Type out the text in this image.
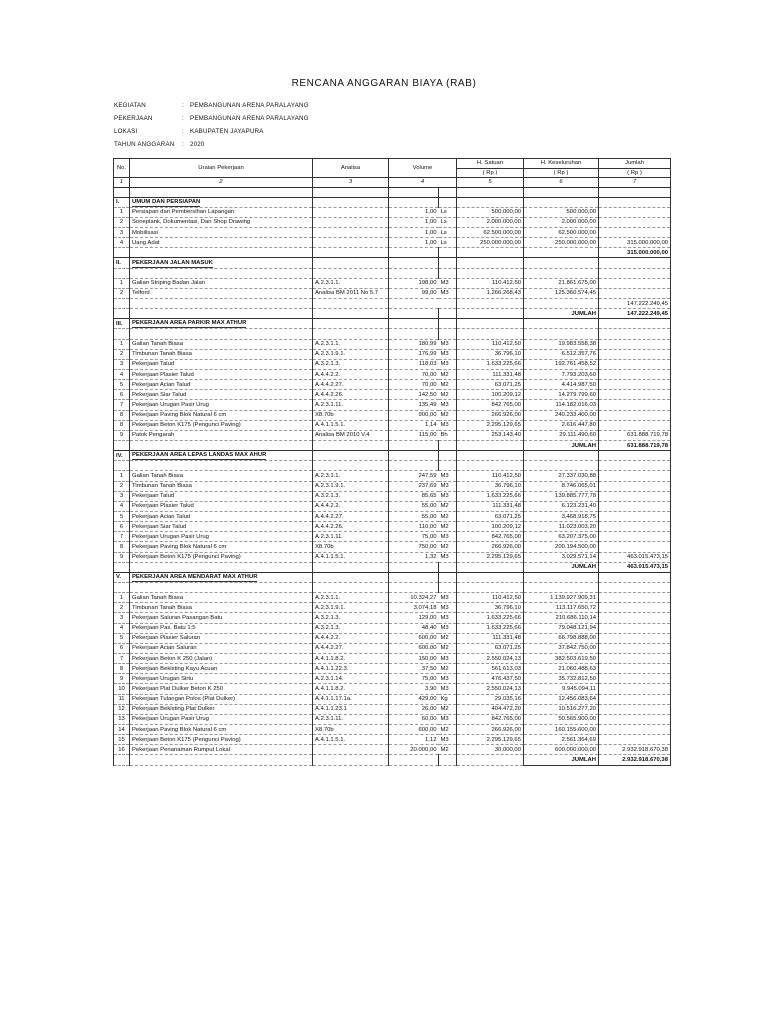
RENCANA ANGGARAN BIAYA (RAB)
KEGIATAN	: PEMBANGUNAN ARENA PARALAYANG
PEKERJAAN	: PEMBANGUNAN ARENA PARALAYANG
LOKASI	: KABUPATEN JAYAPURA
TAHUN ANGGARAN : 2020
No.	Uraian Pekerjaan	Analisa	Volume		H. Satuan	H. Keseluruhan	Jumlah
					( Rp )	( Rp )	( Rp )
1	2	3	4		5	6	7

I.	UMUM DAN PERSIAPAN						
1	Persiapan dan Pembersihan Lapangan		1,00	Ls	500.000,00	500.000,00	
2	Soneplank, Dokumentasi, Dan Shop Drawing		1,00	Ls	2.000.000,00	2.000.000,00	
3	Mobilisasi		1,00	Ls	62.500.000,00	62.500.000,00	
4	Uang Adat		1,00	Ls	250.000.000,00	250.000.000,00	315.000.000,00
							315.000.000,00
II.	PEKERJAAN JALAN MASUK						

1	Galian Striping Badan Jalan	A.2.3.1.1.	198,00	M3	110.412,50	21.861.675,00	
2	Telford	Analisa BM 2011 No 5.7	99,00	M3	1.266.268,43	125.360.574,45	
							147.222.249,45
						JUMLAH	147.222.249,45
III.	PEKERJAAN AREA PARKIR MAX ATHUR						

1	Galian Tanah Biasa	A.2.3.1.1.	180,99	M3	110.412,50	19.983.558,38	
2	Timbunan Tanah Biasa	A.2.3.1.9.1.	176,99	M3	36.796,10	6.512.357,76	
3	Pekerjaan Talud	A.3.2.1.3.	118,03	M3	1.633.225,66	192.761.458,52	
4	Pekerjaan Plasier Talud	A.4.4.2.2.	70,00	M2	111.331,48	7.793.203,60	
5	Pekerjaan Acian Talud	A.4.4.2.27.	70,00	M2	63.071,25	4.414.987,50	
6	Pekerjaan Siar Talud	A.4.4.2.26.	142,50	M2	100.209,12	14.279.799,60	
7	Pekerjaan Urugan Pasir Urug	A.2.3.1.11.	135,49	M3	842.765,00	114.182.016,03	
8	Pekerjaan Paving Blok Natural 6 cm	X8.70b	900,00	M2	266.926,00	240.233.400,00	
8	Pekerjaan Beton K175 (Pengunci Paving)	A.4.1.1.5.1.	1,14	M3	2.295.129,65	2.616.447,80	
9	Patok Pengarah	Analisa BM 2010 V.4	115,00	Bh	253.143,40	29.111.490,60	631.888.719,78
						JUMLAH	631.888.719,78
IV.	PEKERJAAN AREA LEPAS LANDAS MAX AHUR						

1	Galian Tanah Biasa	A.2.3.1.1.	247,59	M3	110.412,50	27.337.030,88	
2	Timbunan Tanah Biasa	A.2.3.1.9.1.	237,69	M3	36.796,10	8.746.065,01	
3	Pekerjaan Talud	A.3.2.1.3.	85,65	M3	1.633.225,66	139.885.777,78	
4	Pekerjaan Plasier Talud	A.4.4.2.2.	55,00	M2	111.331,48	6.123.231,40	
5	Pekerjaan Acian Talud	A.4.4.2.27.	55,00	M2	63.071,25	3.468.918,75	
6	Pekerjaan Siar Talud	A.4.4.2.26.	110,00	M2	100.209,12	11.023.003,20	
7	Pekerjaan Urugan Pasir Urug	A.2.3.1.11.	75,00	M3	842.765,00	63.207.375,00	
8	Pekerjaan Paving Blok Natural 6 cm	X8.70b	750,00	M2	266.926,00	200.194.500,00	
9	Pekerjaan Beton K175 (Pengunci Paving)	A.4.1.1.5.1.	1,32	M3	2.295.129,65	3.029.571,14	463.015.473,15
						JUMLAH	463.015.473,15
V.	PEKERJAAN AREA MENDARAT MAX ATHUR						

1	Galian Tanah Biasa	A.2.3.1.1.	10.324,27	M3	110.412,50	1.139.927.909,31	
2	Timbunan Tanah Biasa	A.2.3.1.9.1.	3.074,18	M3	36.796,10	113.117.650,72	
3	Pekerjaan Saluran Pasangan Batu	A.3.2.1.3.	129,00	M3	1.633.225,66	210.686.110,14	
4	Pekerjaan Pas. Batu 1:5	A.3.2.1.3.	48,40	M3	1.633.225,66	79.048.121,94	
5	Pekerjaan Plasier Saluran	A.4.4.2.2.	600,00	M2	111.331,48	66.798.888,00	
6	Pekerjaan Acian Saluran	A.4.4.2.27.	600,00	M2	63.071,25	37.842.750,00	
7	Pekerjaan Beton K 250 (Jalan)	A.4.1.1.8.2.	150,00	M3	2.550.024,13	382.503.619,50	
8	Pekerjaan Bekisting Kayu Acuan	A.4.1.1.22.3.	37,50	M2	561.613,03	21.060.488,63	
9	Pekerjaan Urugan Sirtu	A.2.3.1.14.	75,00	M3	476.437,50	35.732.812,50	
10	Pekerjaan Plat Dulker Beton K 250	A.4.1.1.8.2.	3,90	M3	2.550.024,13	9.945.094,11	
11	Pekerjaan Tulangan Polos (Plat Dulker)	A.4.1.1.17.1a.	429,00	Kg	29.035,16	12.456.083,64	
12	Pekerjaan Bekisting Plat Dulker	A.4.1.1.23.1	26,00	M2	404.472,20	10.516.277,20	
13	Pekerjaan Urugan Pasir Urug	A.2.3.1.11.	60,00	M3	842.765,00	50.565.900,00	
14	Pekerjaan Paving Blok Natural 6 cm	X8.70b	600,00	M2	266.926,00	160.155.600,00	
15	Pekerjaan Beton K175 (Pengunci Paving)	A.4.1.1.5.1.	1,12	M3	2.295.129,65	2.561.364,69	
16	Pekerjaan Penanaman Rumput Lokal		20.000,00	M2	30.000,00	600.000.000,00	2.932.918.670,38
						JUMLAH	2.932.918.670,38
